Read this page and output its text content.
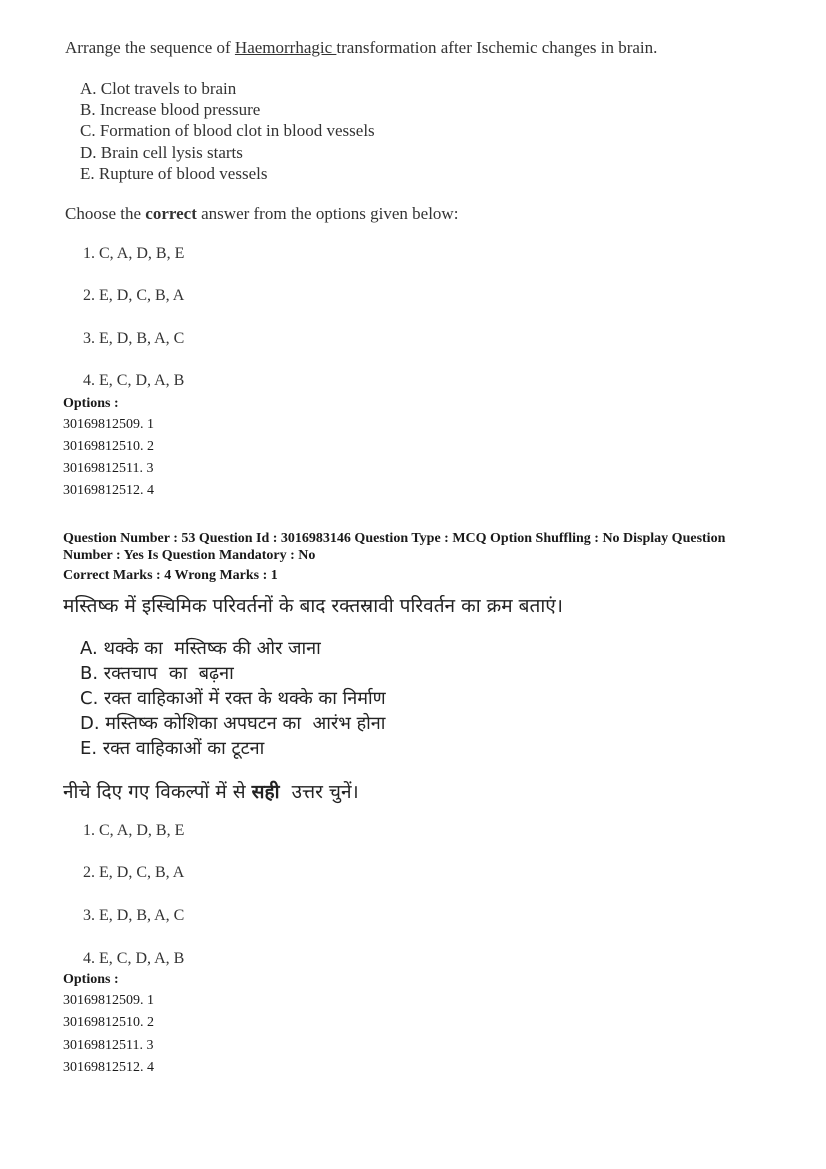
Arrange the sequence of Haemorrhagic transformation after Ischemic changes in brain.
A. Clot travels to brain
B. Increase blood pressure
C. Formation of blood clot in blood vessels
D. Brain cell lysis starts
E. Rupture of blood vessels
Choose the correct answer from the options given below:
1. C, A, D, B, E
2. E, D, C, B, A
3. E, D, B, A, C
4. E, C, D, A, B
Options :
30169812509. 1
30169812510. 2
30169812511. 3
30169812512. 4
Question Number : 53 Question Id : 3016983146 Question Type : MCQ Option Shuffling : No Display Question
Number : Yes Is Question Mandatory : No
Correct Marks : 4 Wrong Marks : 1
मस्तिष्क में इस्चिमिक परिवर्तनों के बाद रक्तस्रावी परिवर्तन का क्रम बताएं।
A. थक्के का  मस्तिष्क की ओर जाना
B. रक्तचाप  का  बढ़ना
C. रक्त वाहिकाओं में रक्त के थक्के का निर्माण
D. मस्तिष्क कोशिका अपघटन का  आरंभ होना
E. रक्त वाहिकाओं का टूटना
नीचे दिए गए विकल्पों में से सही  उत्तर चुनें।
1. C, A, D, B, E
2. E, D, C, B, A
3. E, D, B, A, C
4. E, C, D, A, B
Options :
30169812509. 1
30169812510. 2
30169812511. 3
30169812512. 4
